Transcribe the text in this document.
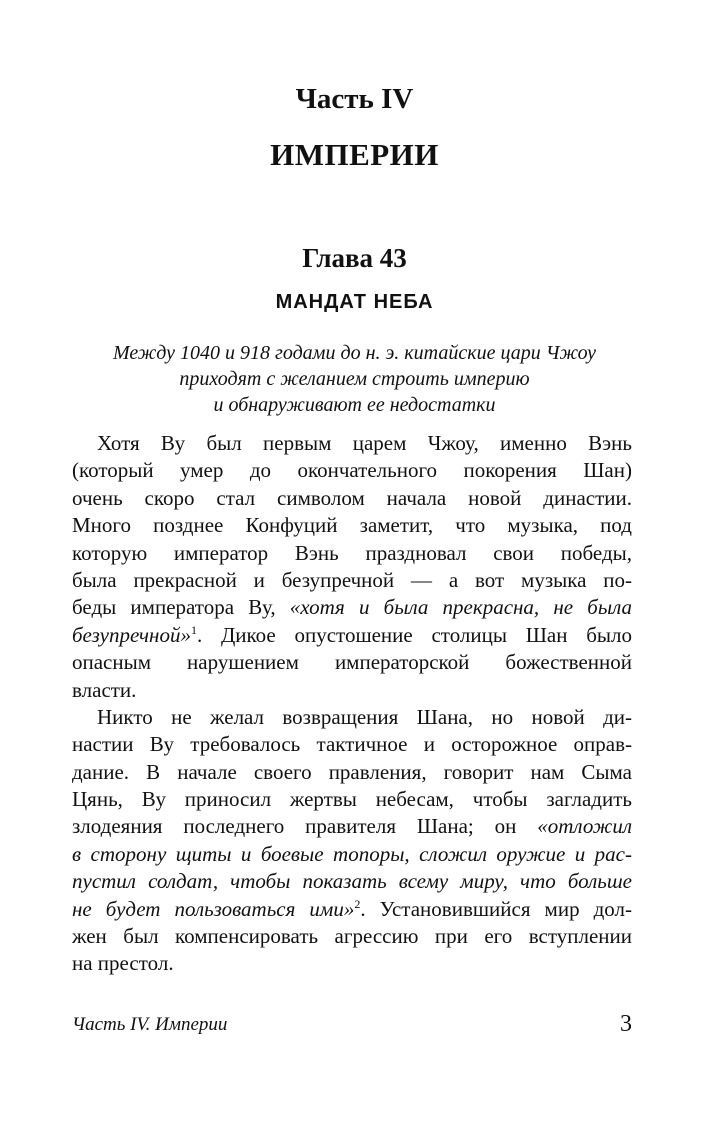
Часть IV
ИМПЕРИИ
Глава 43
МАНДАТ НЕБА
Между 1040 и 918 годами до н. э. китайские цари Чжоу
приходят с желанием строить империю
и обнаруживают ее недостатки
Хотя Ву был первым царем Чжоу, именно Вэнь
(который умер до окончательного покорения Шан)
очень скоро стал символом начала новой династии.
Много позднее Конфуций заметит, что музыка, под
которую император Вэнь праздновал свои победы,
была прекрасной и безупречной — а вот музыка по-
беды императора Ву, «хотя и была прекрасна, не была
безупречной»$^1$. Дикое опустошение столицы Шан было
опасным нарушением императорской божественной
власти.
Никто не желал возвращения Шана, но новой ди-
настии Ву требовалось тактичное и осторожное оправ-
дание. В начале своего правления, говорит нам Сыма
Цянь, Ву приносил жертвы небесам, чтобы загладить
злодеяния последнего правителя Шана; он «отложил
в сторону щиты и боевые топоры, сложил оружие и рас-
пустил солдат, чтобы показать всему миру, что больше
не будет пользоваться ими»$^2$. Установившийся мир дол-
жен был компенсировать агрессию при его вступлении
на престол.
Часть IV. Империи	3
